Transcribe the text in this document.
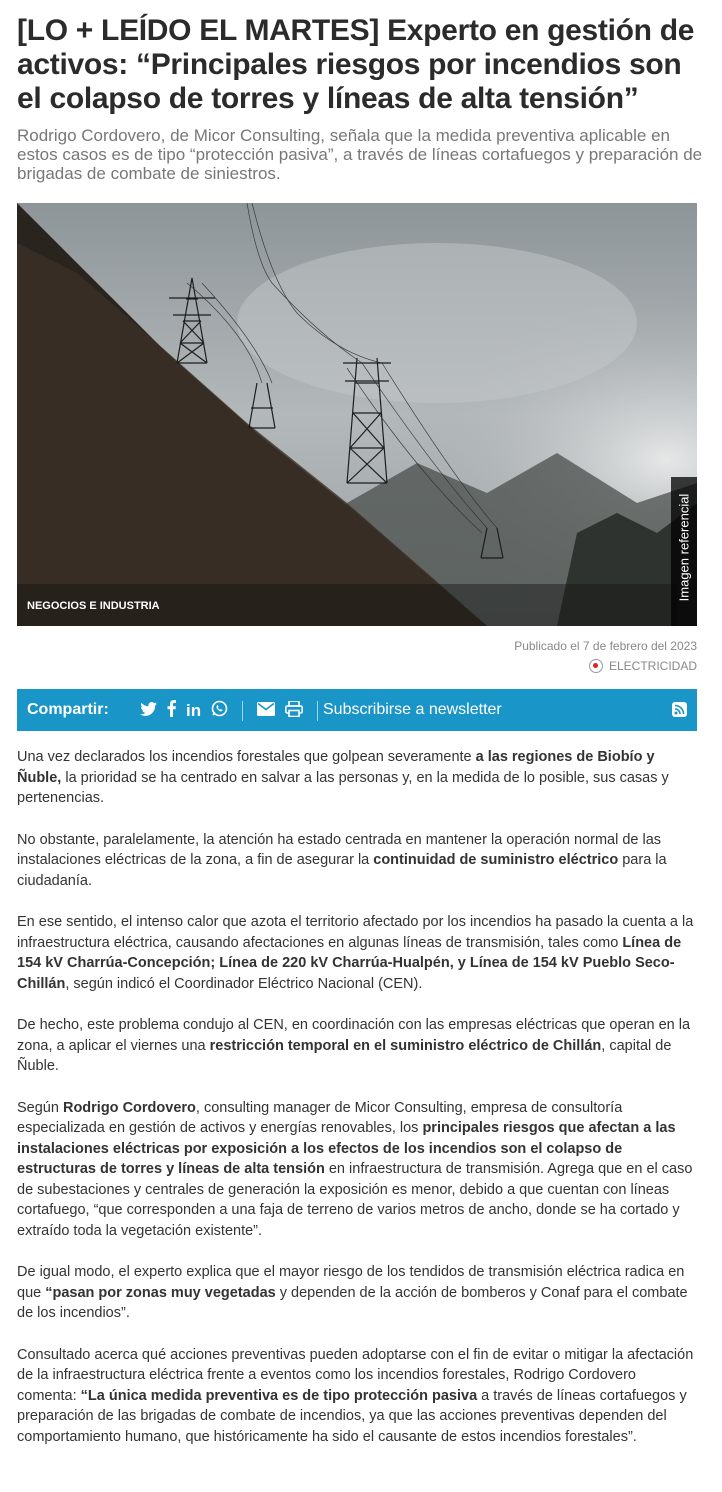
[LO + LEÍDO EL MARTES] Experto en gestión de activos: “Principales riesgos por incendios son el colapso de torres y líneas de alta tensión”
Rodrigo Cordovero, de Micor Consulting, señala que la medida preventiva aplicable en estos casos es de tipo “protección pasiva”, a través de líneas cortafuegos y preparación de brigadas de combate de siniestros.
NEGOCIOS E INDUSTRIA
Imagen referencial
Publicado el 7 de febrero del 2023
ELECTRICIDAD
Compartir:	in	Subscribirse a newsletter

Una vez declarados los incendios forestales que golpean severamente a las regiones de Biobío y Ñuble, la prioridad se ha centrado en salvar a las personas y, en la medida de lo posible, sus casas y pertenencias.

No obstante, paralelamente, la atención ha estado centrada en mantener la operación normal de las instalaciones eléctricas de la zona, a fin de asegurar la continuidad de suministro eléctrico para la ciudadanía.

En ese sentido, el intenso calor que azota el territorio afectado por los incendios ha pasado la cuenta a la infraestructura eléctrica, causando afectaciones en algunas líneas de transmisión, tales como Línea de 154 kV Charrúa-Concepción; Línea de 220 kV Charrúa-Hualpén, y Línea de 154 kV Pueblo Seco-Chillán, según indicó el Coordinador Eléctrico Nacional (CEN).

De hecho, este problema condujo al CEN, en coordinación con las empresas eléctricas que operan en la zona, a aplicar el viernes una restricción temporal en el suministro eléctrico de Chillán, capital de Ñuble.

Según Rodrigo Cordovero, consulting manager de Micor Consulting, empresa de consultoría especializada en gestión de activos y energías renovables, los principales riesgos que afectan a las instalaciones eléctricas por exposición a los efectos de los incendios son el colapso de estructuras de torres y líneas de alta tensión en infraestructura de transmisión. Agrega que en el caso de subestaciones y centrales de generación la exposición es menor, debido a que cuentan con líneas cortafuego, “que corresponden a una faja de terreno de varios metros de ancho, donde se ha cortado y extraído toda la vegetación existente”.

De igual modo, el experto explica que el mayor riesgo de los tendidos de transmisión eléctrica radica en que “pasan por zonas muy vegetadas y dependen de la acción de bomberos y Conaf para el combate de los incendios”.

Consultado acerca qué acciones preventivas pueden adoptarse con el fin de evitar o mitigar la afectación de la infraestructura eléctrica frente a eventos como los incendios forestales, Rodrigo Cordovero comenta: “La única medida preventiva es de tipo protección pasiva a través de líneas cortafuegos y preparación de las brigadas de combate de incendios, ya que las acciones preventivas dependen del comportamiento humano, que históricamente ha sido el causante de estos incendios forestales”.
